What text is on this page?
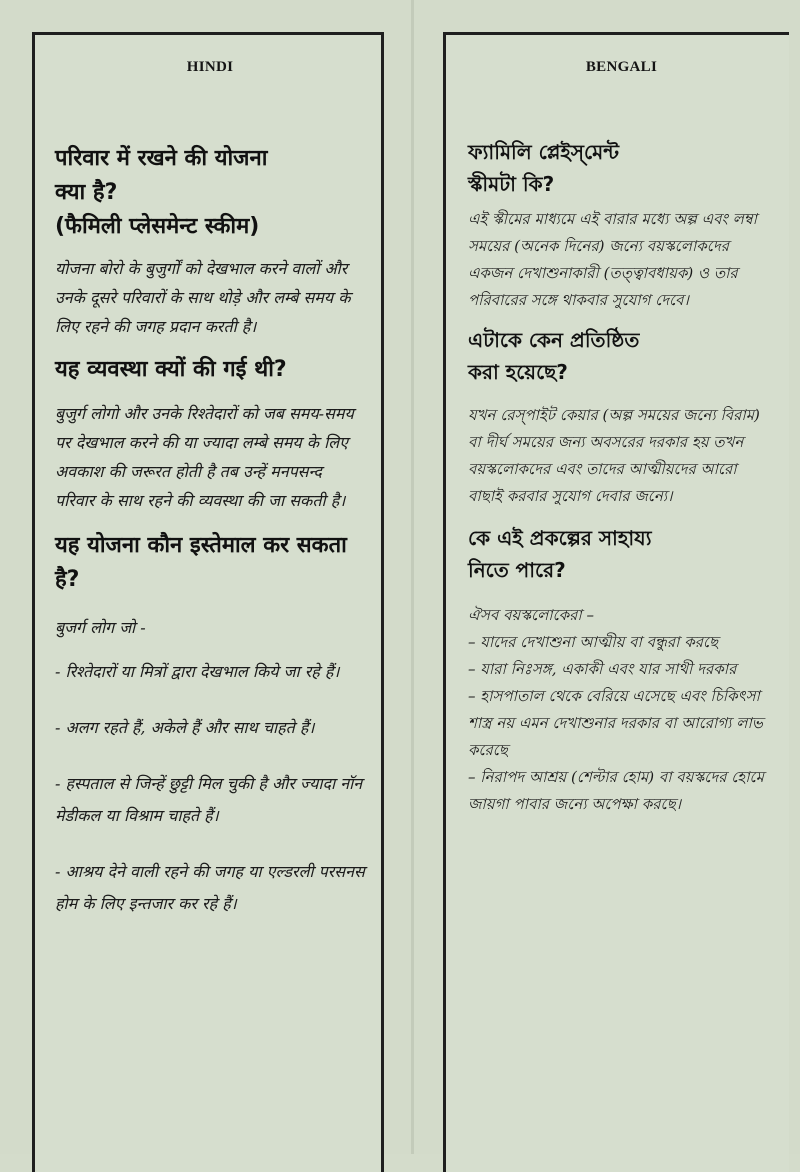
HINDI
परिवार में रखने की योजना
क्या है?
(फैमिली प्लेसमेन्ट स्कीम)

योजना बोरो के बुजुर्गों को देखभाल करने वालों और उनके दूसरे परिवारों के साथ थोड़े और लम्बे समय के लिए रहने की जगह प्रदान करती है।

यह व्यवस्था क्यों की गई थी?

बुजुर्ग लोगो और उनके रिश्तेदारों को जब समय-समय पर देखभाल करने की या ज्यादा लम्बे समय के लिए अवकाश की जरूरत होती है तब उन्हें मनपसन्द परिवार के साथ रहने की व्यवस्था की जा सकती है।

यह योजना कौन इस्तेमाल कर सकता है?

बुजर्ग लोग जो -

- रिश्तेदारों या मित्रों द्वारा देखभाल किये जा रहे हैं।

- अलग रहते हैं, अकेले हैं और साथ चाहते हैं।

- हस्पताल से जिन्हें छुट्टी मिल चुकी है और ज्यादा नॉन मेडीकल या विश्राम चाहते हैं।

- आश्रय देने वाली रहने की जगह या एल्डरली परसनस होम के लिए इन्तजार कर रहे हैं।

BENGALI
ফ্যামিলি প্লেইস্‌মেন্ট
স্কীমটা কি?

এই স্কীমের মাধ্যমে এই বারার মধ্যে অল্প এবং লম্বা সময়ের (অনেক দিনের) জন্যে বয়স্কলোকদের একজন দেখাশুনাকারী (তত্ত্বাবধায়ক) ও তার পরিবারের সঙ্গে থাকবার সুযোগ দেবে।

এটাকে কেন প্রতিষ্ঠিত
করা হয়েছে?

যখন রেস্‌পাইট কেয়ার (অল্প সময়ের জন্যে বিরাম) বা দীর্ঘ সময়ের জন্য অবসরের দরকার হয় তখন বয়স্কলোকদের এবং তাদের আত্মীয়দের আরো বাছাই করবার সুযোগ দেবার জন্যে।

কে এই প্রকল্পের সাহায্য
নিতে পারে?

ঐসব বয়স্কলোকেরা –
– যাদের দেখাশুনা আত্মীয় বা বন্ধুরা করছে
– যারা নিঃসঙ্গ, একাকী এবং যার সাথী দরকার
– হাসপাতাল থেকে বেরিয়ে এসেছে এবং চিকিৎসা শাস্ত্র নয় এমন দেখাশুনার দরকার বা আরোগ্য লাভ করেছে
– নিরাপদ আশ্রয় (শেল্টার হোম) বা বয়স্কদের হোমে জায়গা পাবার জন্যে অপেক্ষা করছে।
